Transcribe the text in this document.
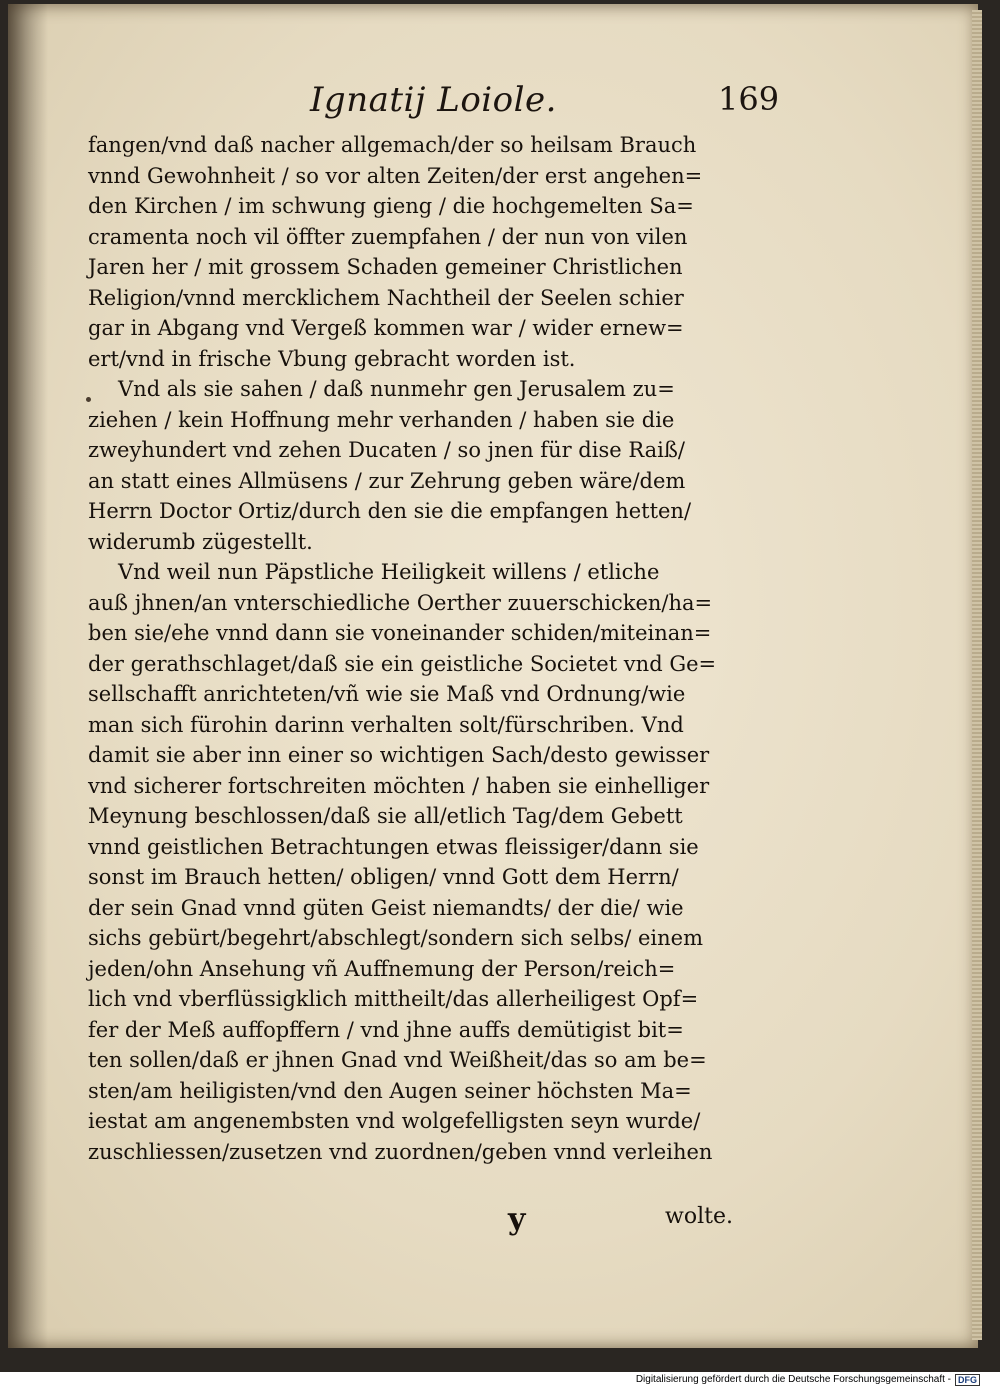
Ignatij Loiole.	169
fangen/vnd daß nacher allgemach/der so heilsam Brauch
vnnd Gewohnheit / so vor alten Zeiten/der erst angehen=
den Kirchen / im schwung gieng / die hochgemelten Sa=
cramenta noch vil öffter zuempfahen / der nun von vilen
Jaren her / mit grossem Schaden gemeiner Christlichen
Religion/vnnd mercklichem Nachtheil der Seelen schier
gar in Abgang vnd Vergeß kommen war / wider ernew=
ert/vnd in frische Vbung gebracht worden ist.
Vnd als sie sahen / daß nunmehr gen Jerusalem zu=
ziehen / kein Hoffnung mehr verhanden / haben sie die
zweyhundert vnd zehen Ducaten / so jnen für dise Raiß/
an statt eines Allmüsens / zur Zehrung geben wäre/dem
Herrn Doctor Ortiz/durch den sie die empfangen hetten/
widerumb zügestellt.
Vnd weil nun Päpstliche Heiligkeit willens / etliche
auß jhnen/an vnterschiedliche Oerther zuuerschicken/ha=
ben sie/ehe vnnd dann sie voneinander schiden/miteinan=
der gerathschlaget/daß sie ein geistliche Societet vnd Ge=
sellschafft anrichteten/vñ wie sie Maß vnd Ordnung/wie
man sich fürohin darinn verhalten solt/fürschriben. Vnd
damit sie aber inn einer so wichtigen Sach/desto gewisser
vnd sicherer fortschreiten möchten / haben sie einhelliger
Meynung beschlossen/daß sie all/etlich Tag/dem Gebett
vnnd geistlichen Betrachtungen etwas fleissiger/dann sie
sonst im Brauch hetten/ obligen/ vnnd Gott dem Herrn/
der sein Gnad vnnd güten Geist niemandts/ der die/ wie
sichs gebürt/begehrt/abschlegt/sondern sich selbs/ einem
jeden/ohn Ansehung vñ Auffnemung der Person/reich=
lich vnd vberflüssigklich mittheilt/das allerheiligest Opf=
fer der Meß auffopffern / vnd jhne auffs demütigist bit=
ten sollen/daß er jhnen Gnad vnd Weißheit/das so am be=
sten/am heiligisten/vnd den Augen seiner höchsten Ma=
iestat am angenembsten vnd wolgefelligsten seyn wurde/
zuschliessen/zusetzen vnd zuordnen/geben vnnd verleihen
y	wolte.
Digitalisierung gefördert durch die Deutsche Forschungsgemeinschaft - DFG
